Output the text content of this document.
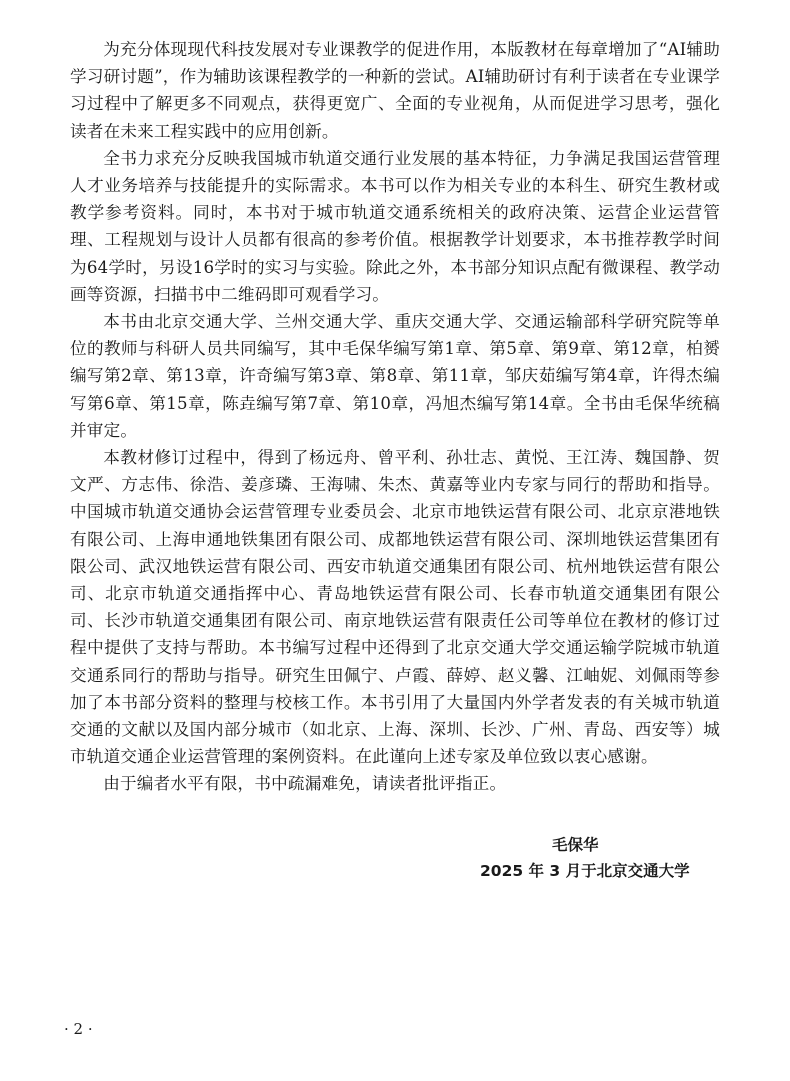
为充分体现现代科技发展对专业课教学的促进作用，本版教材在每章增加了“AI辅助学习研讨题”，作为辅助该课程教学的一种新的尝试。AI辅助研讨有利于读者在专业课学习过程中了解更多不同观点，获得更宽广、全面的专业视角，从而促进学习思考，强化读者在未来工程实践中的应用创新。

全书力求充分反映我国城市轨道交通行业发展的基本特征，力争满足我国运营管理人才业务培养与技能提升的实际需求。本书可以作为相关专业的本科生、研究生教材或教学参考资料。同时，本书对于城市轨道交通系统相关的政府决策、运营企业运营管理、工程规划与设计人员都有很高的参考价值。根据教学计划要求，本书推荐教学时间为64学时，另设16学时的实习与实验。除此之外，本书部分知识点配有微课程、教学动画等资源，扫描书中二维码即可观看学习。

本书由北京交通大学、兰州交通大学、重庆交通大学、交通运输部科学研究院等单位的教师与科研人员共同编写，其中毛保华编写第1章、第5章、第9章、第12章，柏赟编写第2章、第13章，许奇编写第3章、第8章、第11章，邹庆茹编写第4章，许得杰编写第6章、第15章，陈垚编写第7章、第10章，冯旭杰编写第14章。全书由毛保华统稿并审定。

本教材修订过程中，得到了杨远舟、曾平利、孙壮志、黄悦、王江涛、魏国静、贺文严、方志伟、徐浩、姜彦璘、王海啸、朱杰、黄嘉等业内专家与同行的帮助和指导。中国城市轨道交通协会运营管理专业委员会、北京市地铁运营有限公司、北京京港地铁有限公司、上海申通地铁集团有限公司、成都地铁运营有限公司、深圳地铁运营集团有限公司、武汉地铁运营有限公司、西安市轨道交通集团有限公司、杭州地铁运营有限公司、北京市轨道交通指挥中心、青岛地铁运营有限公司、长春市轨道交通集团有限公司、长沙市轨道交通集团有限公司、南京地铁运营有限责任公司等单位在教材的修订过程中提供了支持与帮助。本书编写过程中还得到了北京交通大学交通运输学院城市轨道交通系同行的帮助与指导。研究生田佩宁、卢霞、薛婷、赵义馨、江岫妮、刘佩雨等参加了本书部分资料的整理与校核工作。本书引用了大量国内外学者发表的有关城市轨道交通的文献以及国内部分城市（如北京、上海、深圳、长沙、广州、青岛、西安等）城市轨道交通企业运营管理的案例资料。在此谨向上述专家及单位致以衷心感谢。

由于编者水平有限，书中疏漏难免，请读者批评指正。

毛保华
2025 年 3 月于北京交通大学
· 2 ·
